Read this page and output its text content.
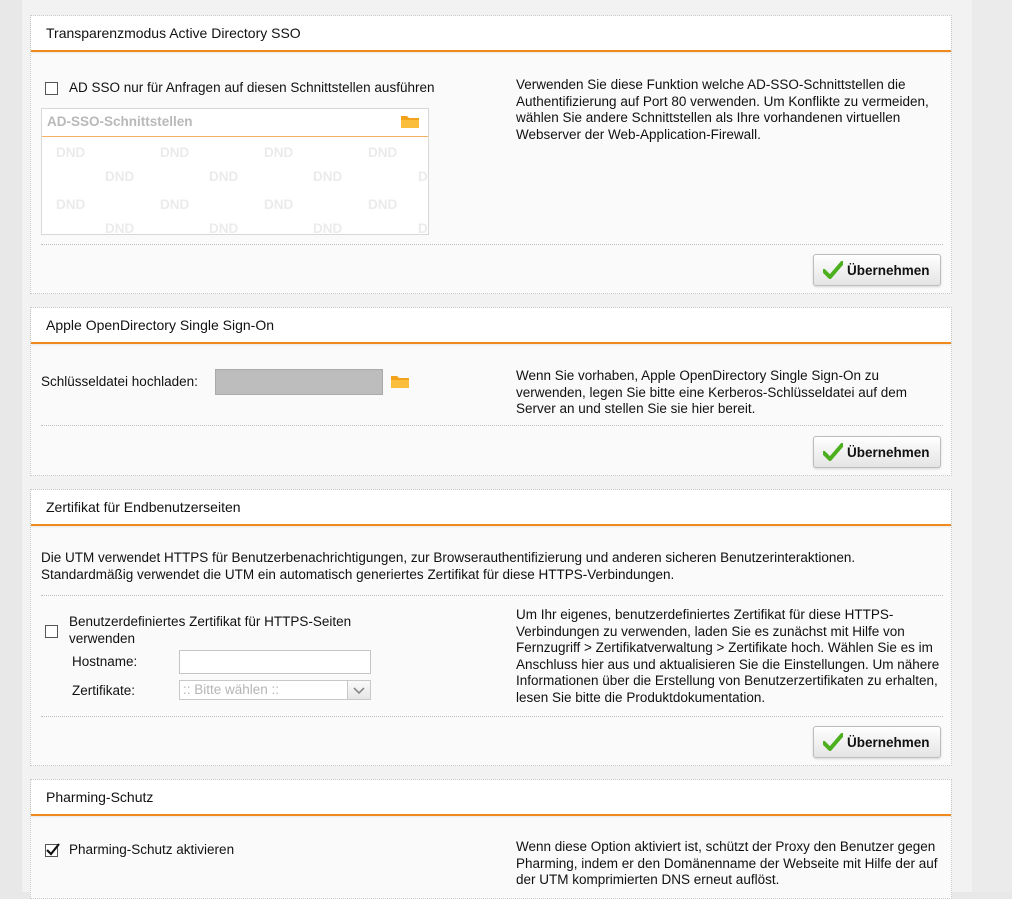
Transparenzmodus Active Directory SSO
AD SSO nur für Anfragen auf diesen Schnittstellen ausführen
AD-SSO-Schnittstellen
DND	DND	DND	DND
DND	DND	DND	D
DND	DND	DND	DND
DND	DND	DND	D
Verwenden Sie diese Funktion welche AD-SSO-Schnittstellen die Authentifizierung auf Port 80 verwenden. Um Konflikte zu vermeiden, wählen Sie andere Schnittstellen als Ihre vorhandenen virtuellen Webserver der Web-Application-Firewall.
Übernehmen
Apple OpenDirectory Single Sign-On
Schlüsseldatei hochladen:	Wenn Sie vorhaben, Apple OpenDirectory Single Sign-On zu verwenden, legen Sie bitte eine Kerberos-Schlüsseldatei auf dem Server an und stellen Sie sie hier bereit.
Übernehmen
Zertifikat für Endbenutzerseiten
Die UTM verwendet HTTPS für Benutzerbenachrichtigungen, zur Browserauthentifizierung und anderen sicheren Benutzerinteraktionen. Standardmäßig verwendet die UTM ein automatisch generiertes Zertifikat für diese HTTPS-Verbindungen.
Benutzerdefiniertes Zertifikat für HTTPS-Seiten verwenden
Hostname:
Zertifikate:	:: Bitte wählen ::
Um Ihr eigenes, benutzerdefiniertes Zertifikat für diese HTTPS-Verbindungen zu verwenden, laden Sie es zunächst mit Hilfe von Fernzugriff > Zertifikatverwaltung > Zertifikate hoch. Wählen Sie es im Anschluss hier aus und aktualisieren Sie die Einstellungen. Um nähere Informationen über die Erstellung von Benutzerzertifikaten zu erhalten, lesen Sie bitte die Produktdokumentation.
Übernehmen
Pharming-Schutz
Pharming-Schutz aktivieren	Wenn diese Option aktiviert ist, schützt der Proxy den Benutzer gegen Pharming, indem er den Domänenname der Webseite mit Hilfe der auf der UTM komprimierten DNS erneut auflöst.
